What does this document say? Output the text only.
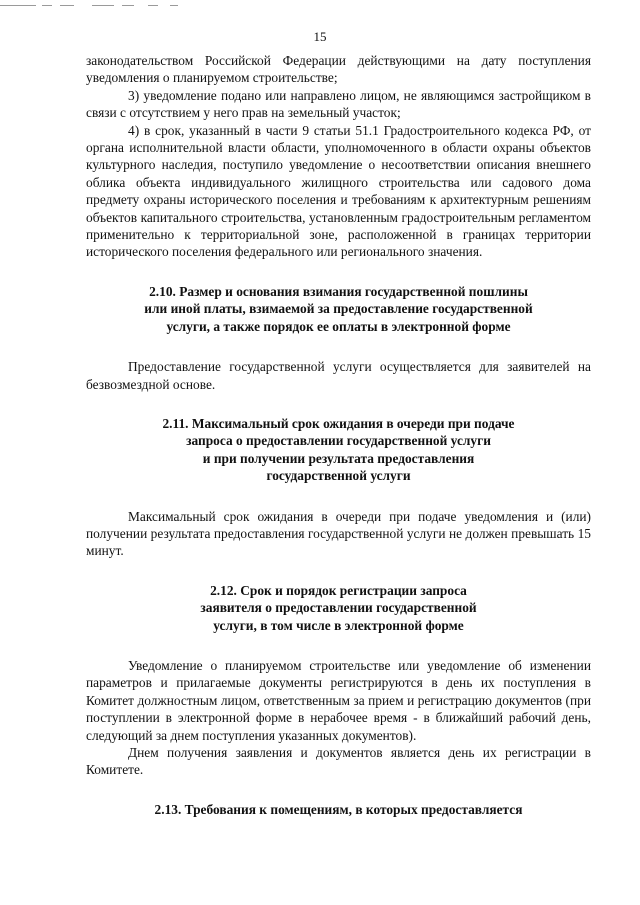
15

законодательством Российской Федерации действующими на дату поступления уведомления о планируемом строительстве;

3) уведомление подано или направлено лицом, не являющимся застройщиком в связи с отсутствием у него прав на земельный участок;

4) в срок, указанный в части 9 статьи 51.1 Градостроительного кодекса РФ, от органа исполнительной власти области, уполномоченного в области охраны объектов культурного наследия, поступило уведомление о несоответствии описания внешнего облика объекта индивидуального жилищного строительства или садового дома предмету охраны исторического поселения и требованиям к архитектурным решениям объектов капитального строительства, установленным градостроительным регламентом применительно к территориальной зоне, расположенной в границах территории исторического поселения федерального или регионального значения.

2.10. Размер и основания взимания государственной пошлины
или иной платы, взимаемой за предоставление государственной
услуги, а также порядок ее оплаты в электронной форме

Предоставление государственной услуги осуществляется для заявителей на безвозмездной основе.

2.11. Максимальный срок ожидания в очереди при подаче
запроса о предоставлении государственной услуги
и при получении результата предоставления
государственной услуги

Максимальный срок ожидания в очереди при подаче уведомления и (или) получении результата предоставления государственной услуги не должен превышать 15 минут.

2.12. Срок и порядок регистрации запроса
заявителя о предоставлении государственной
услуги, в том числе в электронной форме

Уведомление о планируемом строительстве или уведомление об изменении параметров и прилагаемые документы регистрируются в день их поступления в Комитет должностным лицом, ответственным за прием и регистрацию документов (при поступлении в электронной форме в нерабочее время - в ближайший рабочий день, следующий за днем поступления указанных документов).

Днем получения заявления и документов является день их регистрации в Комитете.

2.13. Требования к помещениям, в которых предоставляется
